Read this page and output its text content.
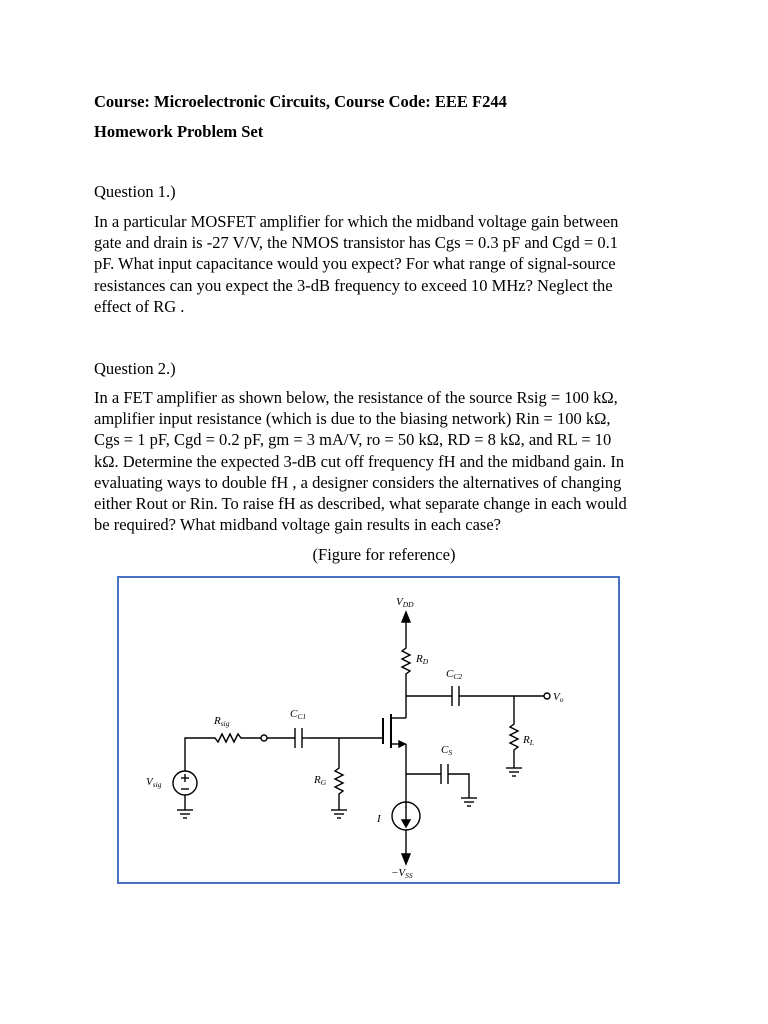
Course: Microelectronic Circuits, Course Code: EEE F244
Homework Problem Set
Question 1.)
In a particular MOSFET amplifier for which the midband voltage gain between
gate and drain is -27 V/V, the NMOS transistor has Cgs = 0.3 pF and Cgd = 0.1
pF. What input capacitance would you expect? For what range of signal-source
resistances can you expect the 3-dB frequency to exceed 10 MHz? Neglect the
effect of RG .
Question 2.)
In a FET amplifier as shown below, the resistance of the source Rsig = 100 kΩ,
amplifier input resistance (which is due to the biasing network) Rin = 100 kΩ,
Cgs = 1 pF, Cgd = 0.2 pF, gm = 3 mA/V, ro = 50 kΩ, RD = 8 kΩ, and RL = 10
kΩ. Determine the expected 3-dB cut off frequency fH and the midband gain. In
evaluating ways to double fH , a designer considers the alternatives of changing
either Rout or Rin. To raise fH as described, what separate change in each would
be required? What midband voltage gain results in each case?
(Figure for reference)
VDD
RD
CC2
Vo
CC1
Rsig
RL
CS
Vsig	RG
I
−VSS
